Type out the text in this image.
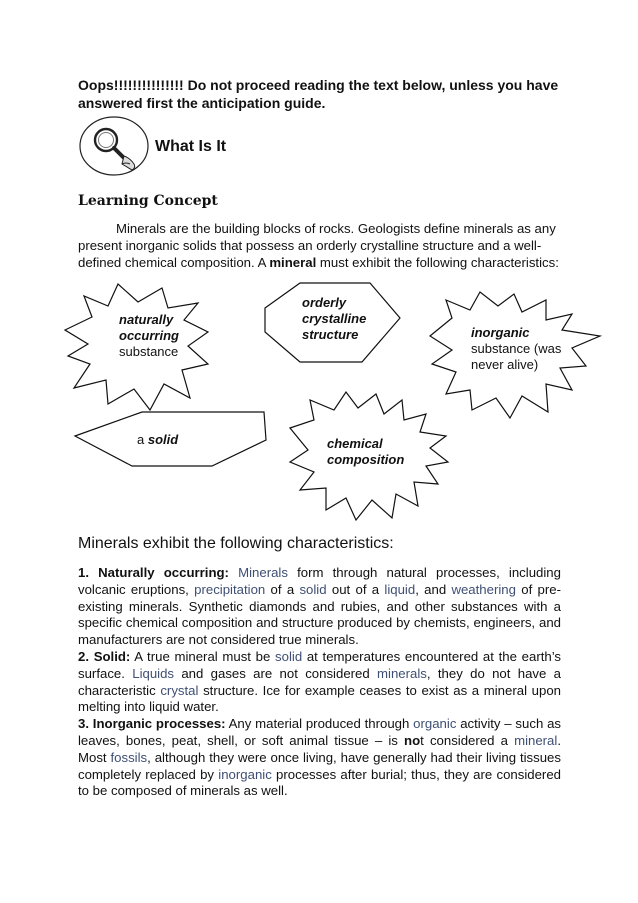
Oops!!!!!!!!!!!!!!! Do not proceed reading the text below, unless you have answered first the anticipation guide.
What Is It
Learning Concept
Minerals are the building blocks of rocks. Geologists define minerals as any present inorganic solids that possess an orderly crystalline structure and a well-defined chemical composition. A mineral must exhibit the following characteristics:
naturally
occurring
substance
orderly
crystalline
structure	inorganic
substance (was
never alive)
a solid	chemical
composition
Minerals exhibit the following characteristics:

1. Naturally occurring: Minerals form through natural processes, including volcanic eruptions, precipitation of a solid out of a liquid, and weathering of pre-existing minerals. Synthetic diamonds and rubies, and other substances with a specific chemical composition and structure produced by chemists, engineers, and manufacturers are not considered true minerals.

2. Solid: A true mineral must be solid at temperatures encountered at the earth’s surface. Liquids and gases are not considered minerals, they do not have a characteristic crystal structure. Ice for example ceases to exist as a mineral upon melting into liquid water.

3. Inorganic processes: Any material produced through organic activity – such as leaves, bones, peat, shell, or soft animal tissue – is not considered a mineral. Most fossils, although they were once living, have generally had their living tissues completely replaced by inorganic processes after burial; thus, they are considered to be composed of minerals as well.
